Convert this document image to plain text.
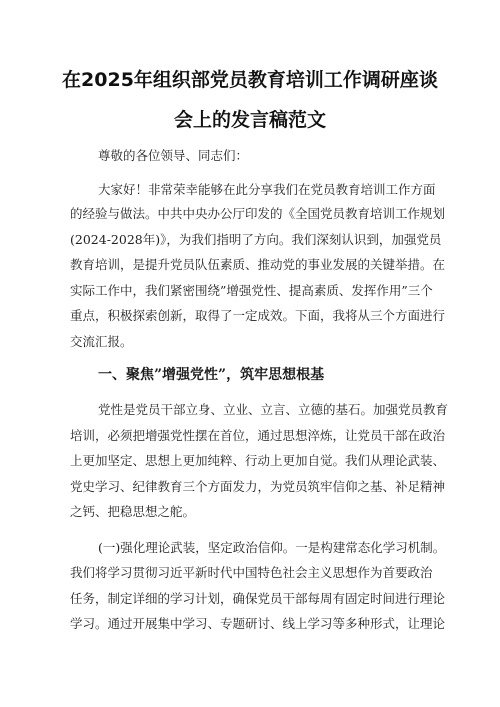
在2025年组织部党员教育培训工作调研座谈
会上的发言稿范文

尊敬的各位领导、同志们：

大家好！非常荣幸能够在此分享我们在党员教育培训工作方面

的经验与做法。中共中央办公厅印发的《全国党员教育培训工作规划

(2024-2028年)》，为我们指明了方向。我们深刻认识到，加强党员

教育培训，是提升党员队伍素质、推动党的事业发展的关键举措。在

实际工作中，我们紧密围绕”增强党性、提高素质、发挥作用”三个

重点，积极探索创新，取得了一定成效。下面，我将从三个方面进行

交流汇报。

一、聚焦”增强党性”，筑牢思想根基

党性是党员干部立身、立业、立言、立德的基石。加强党员教育

培训，必须把增强党性摆在首位，通过思想淬炼，让党员干部在政治

上更加坚定、思想上更加纯粹、行动上更加自觉。我们从理论武装、

党史学习、纪律教育三个方面发力，为党员筑牢信仰之基、补足精神

之钙、把稳思想之舵。

(一)强化理论武装，坚定政治信仰。一是构建常态化学习机制。

我们将学习贯彻习近平新时代中国特色社会主义思想作为首要政治

任务，制定详细的学习计划，确保党员干部每周有固定时间进行理论

学习。通过开展集中学习、专题研讨、线上学习等多种形式，让理论
